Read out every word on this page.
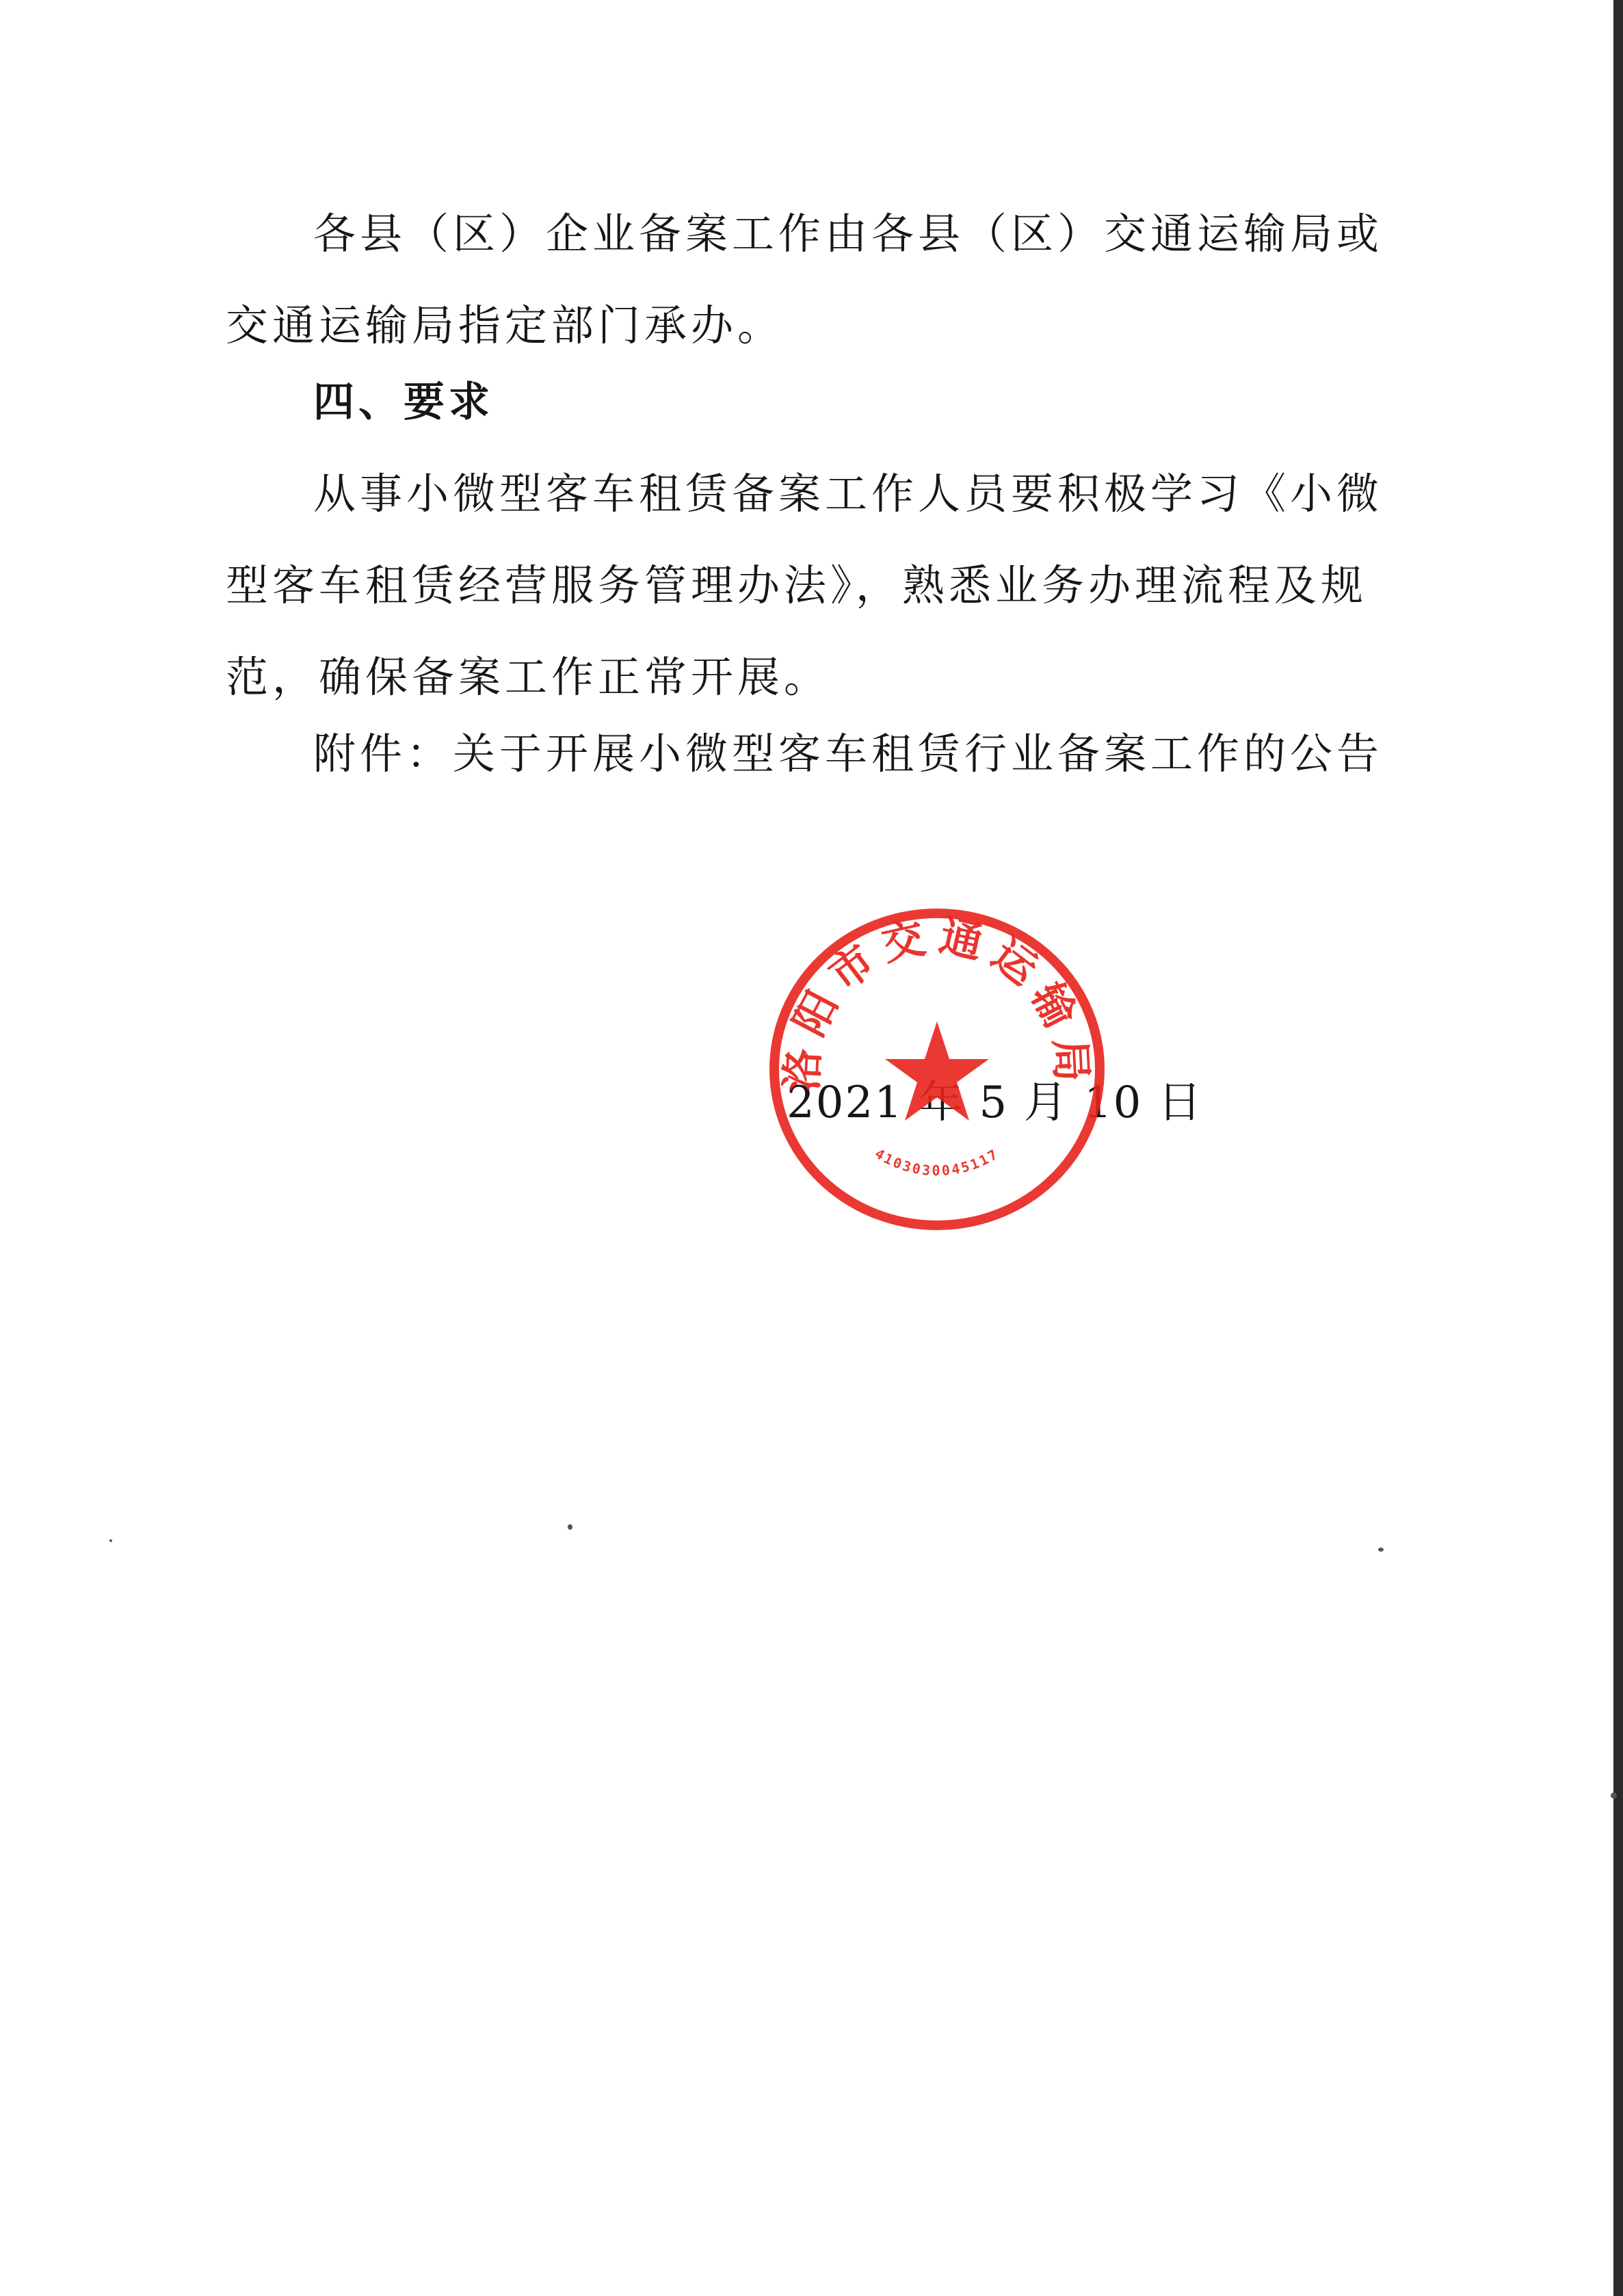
各县（区）企业备案工作由各县（区）交通运输局或交通运输局指定部门承办。

四、要求

从事小微型客车租赁备案工作人员要积极学习《小微型客车租赁经营服务管理办法》，熟悉业务办理流程及规范，确保备案工作正常开展。

附件：关于开展小微型客车租赁行业备案工作的公告

2021 年 5 月 10 日
洛阳市交通运输局
4103030045117
